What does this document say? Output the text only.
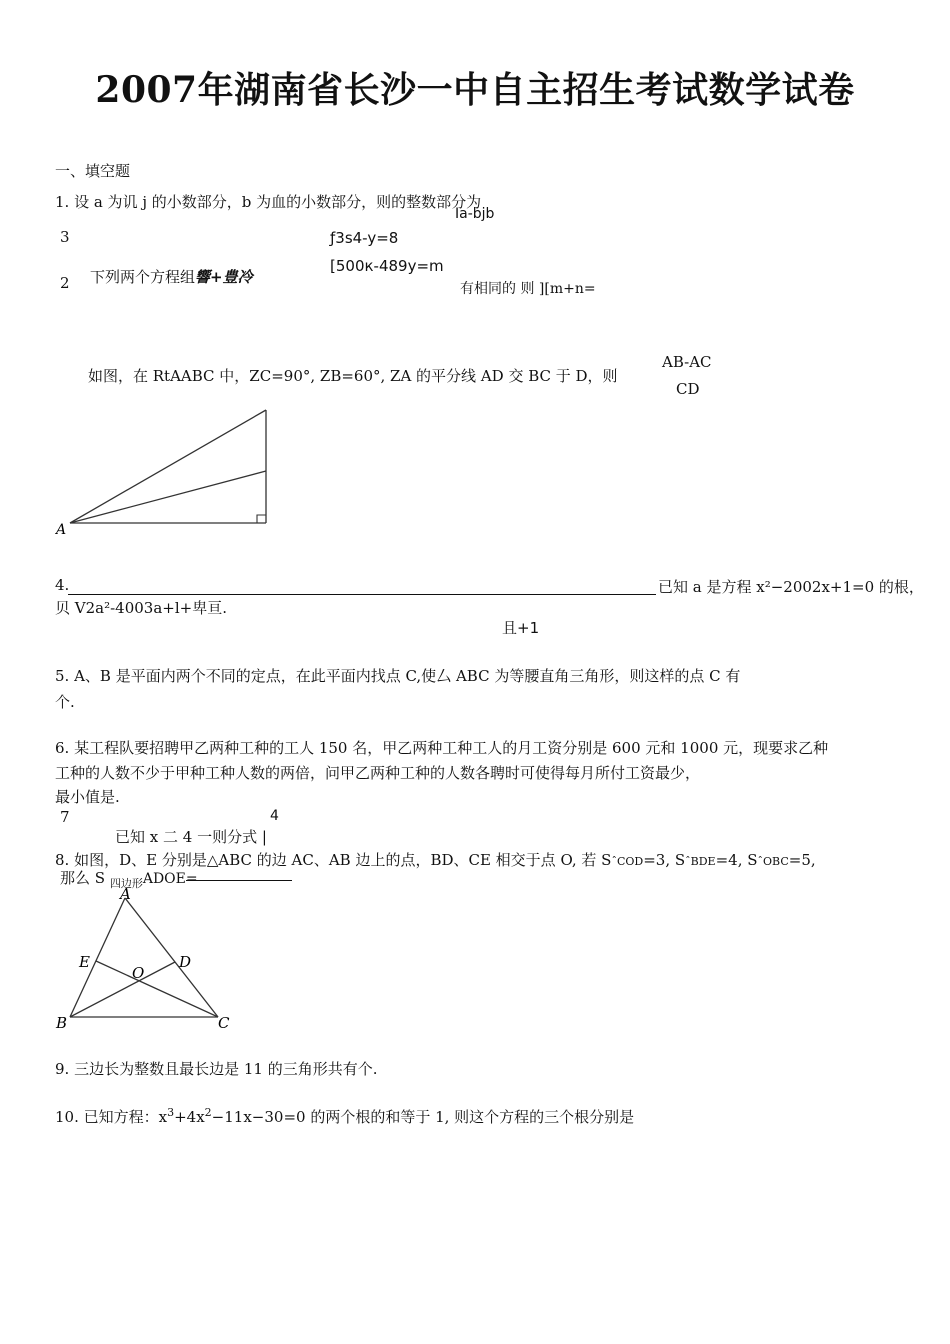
2007年湖南省长沙一中自主招生考试数学试卷
一、填空题
1. 设 a 为讥 j 的小数部分，b 为血的小数部分，则的整数部分为
Ia-bjb
3	ƒ3s4-y=8
[500к-489y=m
2 下列两个方程组響+豊冷
有相同的 则 ][m+n=
如图，在 RtAABC 中，ZC=90°, ZB=60°, ZA 的平分线 AD 交 BC 于 D，则
AB-AC
CD
A
4.	已知 a 是方程 x²−2002x+1=0 的根，
贝 V2a²-4003a+l+卑亘.
且+1
5. A、B 是平面内两个不同的定点，在此平面内找点 C,使厶 ABC 为等腰直角三角形，则这样的点 C 有
个.
6. 某工程队要招聘甲乙两种工种的工人 150 名，甲乙两种工种工人的月工资分别是 600 元和 1000 元，现要求乙种
工种的人数不少于甲种工种人数的两倍，问甲乙两种工种的人数各聘时可使得每月所付工资最少，
最小值是.
7	4
已知 x 二 4 一则分式 |
8. 如图，D、E 分别是△ABC 的边 AC、AB 边上的点，BD、CE 相交于点 O, 若 SˆCOD=3, SˆBDE=4, SˆOBC=5,
那么 S $_{四边形}$ADOE=
A
E
O
D
B	C
9. 三边长为整数且最长边是 11 的三角形共有个.
10. 已知方程：$x^3+4x^2-11x-30=0$ 的两个根的和等于 1, 则这个方程的三个根分别是
